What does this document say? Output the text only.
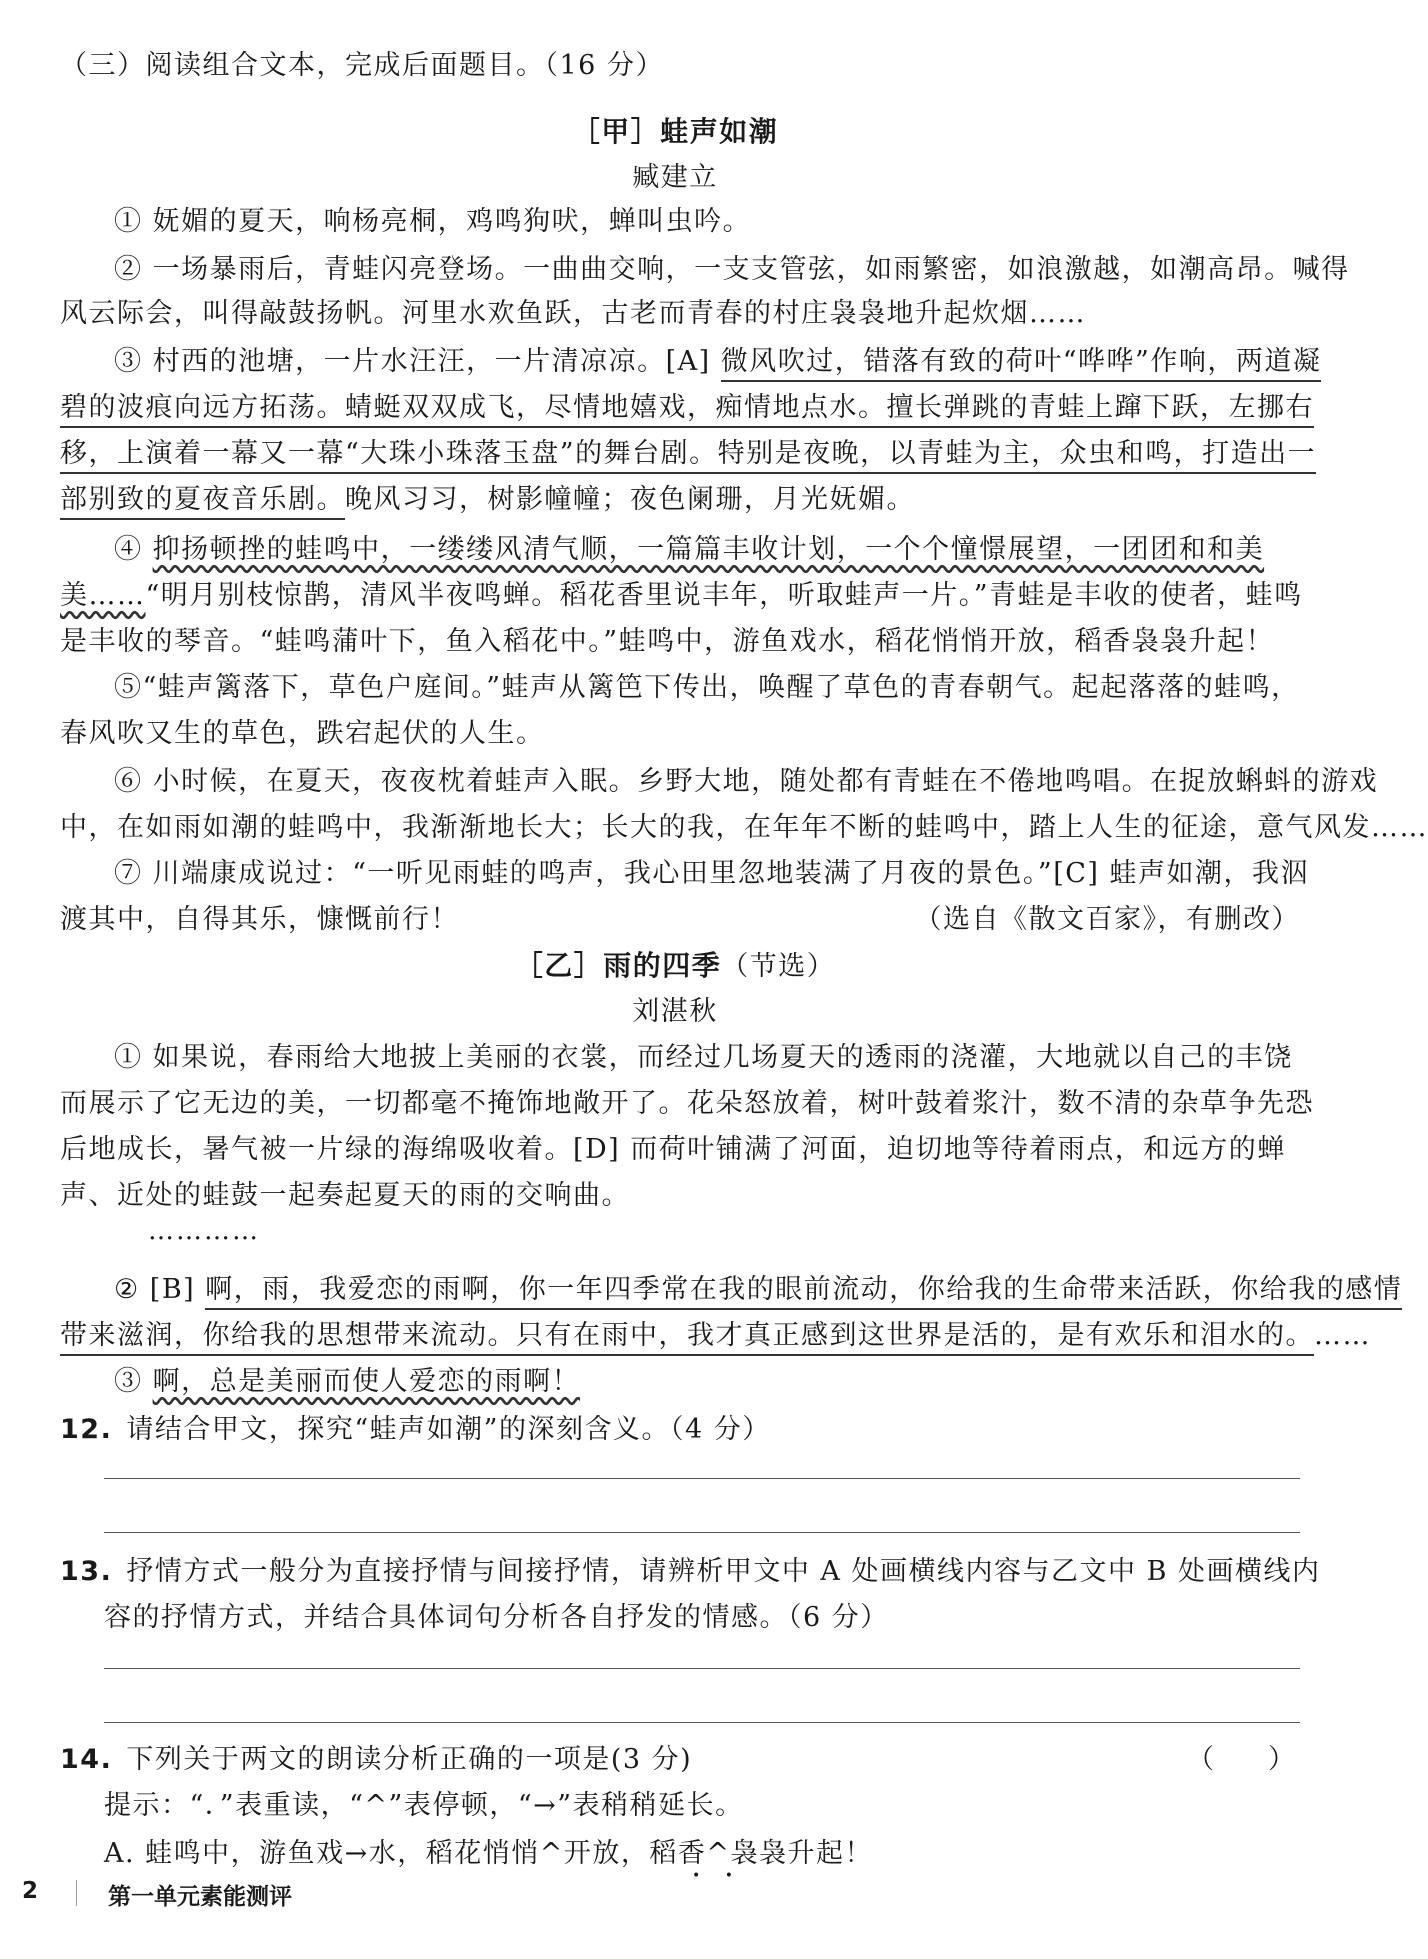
（三）阅读组合文本，完成后面题目。（16 分）
［甲］蛙声如潮
臧建立
① 妩媚的夏天，响杨亮桐，鸡鸣狗吠，蝉叫虫吟。
② 一场暴雨后，青蛙闪亮登场。一曲曲交响，一支支管弦，如雨繁密，如浪激越，如潮高昂。喊得
风云际会，叫得敲鼓扬帆。河里水欢鱼跃，古老而青春的村庄袅袅地升起炊烟……
③ 村西的池塘，一片水汪汪，一片清凉凉。[A] 微风吹过，错落有致的荷叶“哗哗”作响，两道凝
碧的波痕向远方拓荡。蜻蜓双双成飞，尽情地嬉戏，痴情地点水。擅长弹跳的青蛙上蹿下跃，左挪右
移，上演着一幕又一幕“大珠小珠落玉盘”的舞台剧。特别是夜晚，以青蛙为主，众虫和鸣，打造出一
部别致的夏夜音乐剧。晚风习习，树影幢幢；夜色阑珊，月光妩媚。
④ 抑扬顿挫的蛙鸣中，一缕缕风清气顺，一篇篇丰收计划，一个个憧憬展望，一团团和和美
美……“明月别枝惊鹊，清风半夜鸣蝉。稻花香里说丰年，听取蛙声一片。”青蛙是丰收的使者，蛙鸣
是丰收的琴音。“蛙鸣蒲叶下，鱼入稻花中。”蛙鸣中，游鱼戏水，稻花悄悄开放，稻香袅袅升起！
⑤“蛙声篱落下，草色户庭间。”蛙声从篱笆下传出，唤醒了草色的青春朝气。起起落落的蛙鸣，
春风吹又生的草色，跌宕起伏的人生。
⑥ 小时候，在夏天，夜夜枕着蛙声入眠。乡野大地，随处都有青蛙在不倦地鸣唱。在捉放蝌蚪的游戏
中，在如雨如潮的蛙鸣中，我渐渐地长大；长大的我，在年年不断的蛙鸣中，踏上人生的征途，意气风发……
⑦ 川端康成说过：“一听见雨蛙的鸣声，我心田里忽地装满了月夜的景色。”[C] 蛙声如潮，我泅
渡其中，自得其乐，慷慨前行！	（选自《散文百家》，有删改）
［乙］雨的四季（节选）
刘湛秋
① 如果说，春雨给大地披上美丽的衣裳，而经过几场夏天的透雨的浇灌，大地就以自己的丰饶
而展示了它无边的美，一切都毫不掩饰地敞开了。花朵怒放着，树叶鼓着浆汁，数不清的杂草争先恐
后地成长，暑气被一片绿的海绵吸收着。[D] 而荷叶铺满了河面，迫切地等待着雨点，和远方的蝉
声、近处的蛙鼓一起奏起夏天的雨的交响曲。
…………
② [B] 啊，雨，我爱恋的雨啊，你一年四季常在我的眼前流动，你给我的生命带来活跃，你给我的感情
带来滋润，你给我的思想带来流动。只有在雨中，我才真正感到这世界是活的，是有欢乐和泪水的。……
③ 啊，总是美丽而使人爱恋的雨啊！
12. 请结合甲文，探究“蛙声如潮”的深刻含义。（4 分）
13. 抒情方式一般分为直接抒情与间接抒情，请辨析甲文中 A 处画横线内容与乙文中 B 处画横线内
容的抒情方式，并结合具体词句分析各自抒发的情感。（6 分）
14. 下列关于两文的朗读分析正确的一项是(3 分)	（　　）
提示：“．”表重读，“^”表停顿，“→”表稍稍延长。
A. 蛙鸣中，游鱼戏→水，稻花悄悄^开放，稻香^袅袅升起！
• •
2	第一单元素能测评
